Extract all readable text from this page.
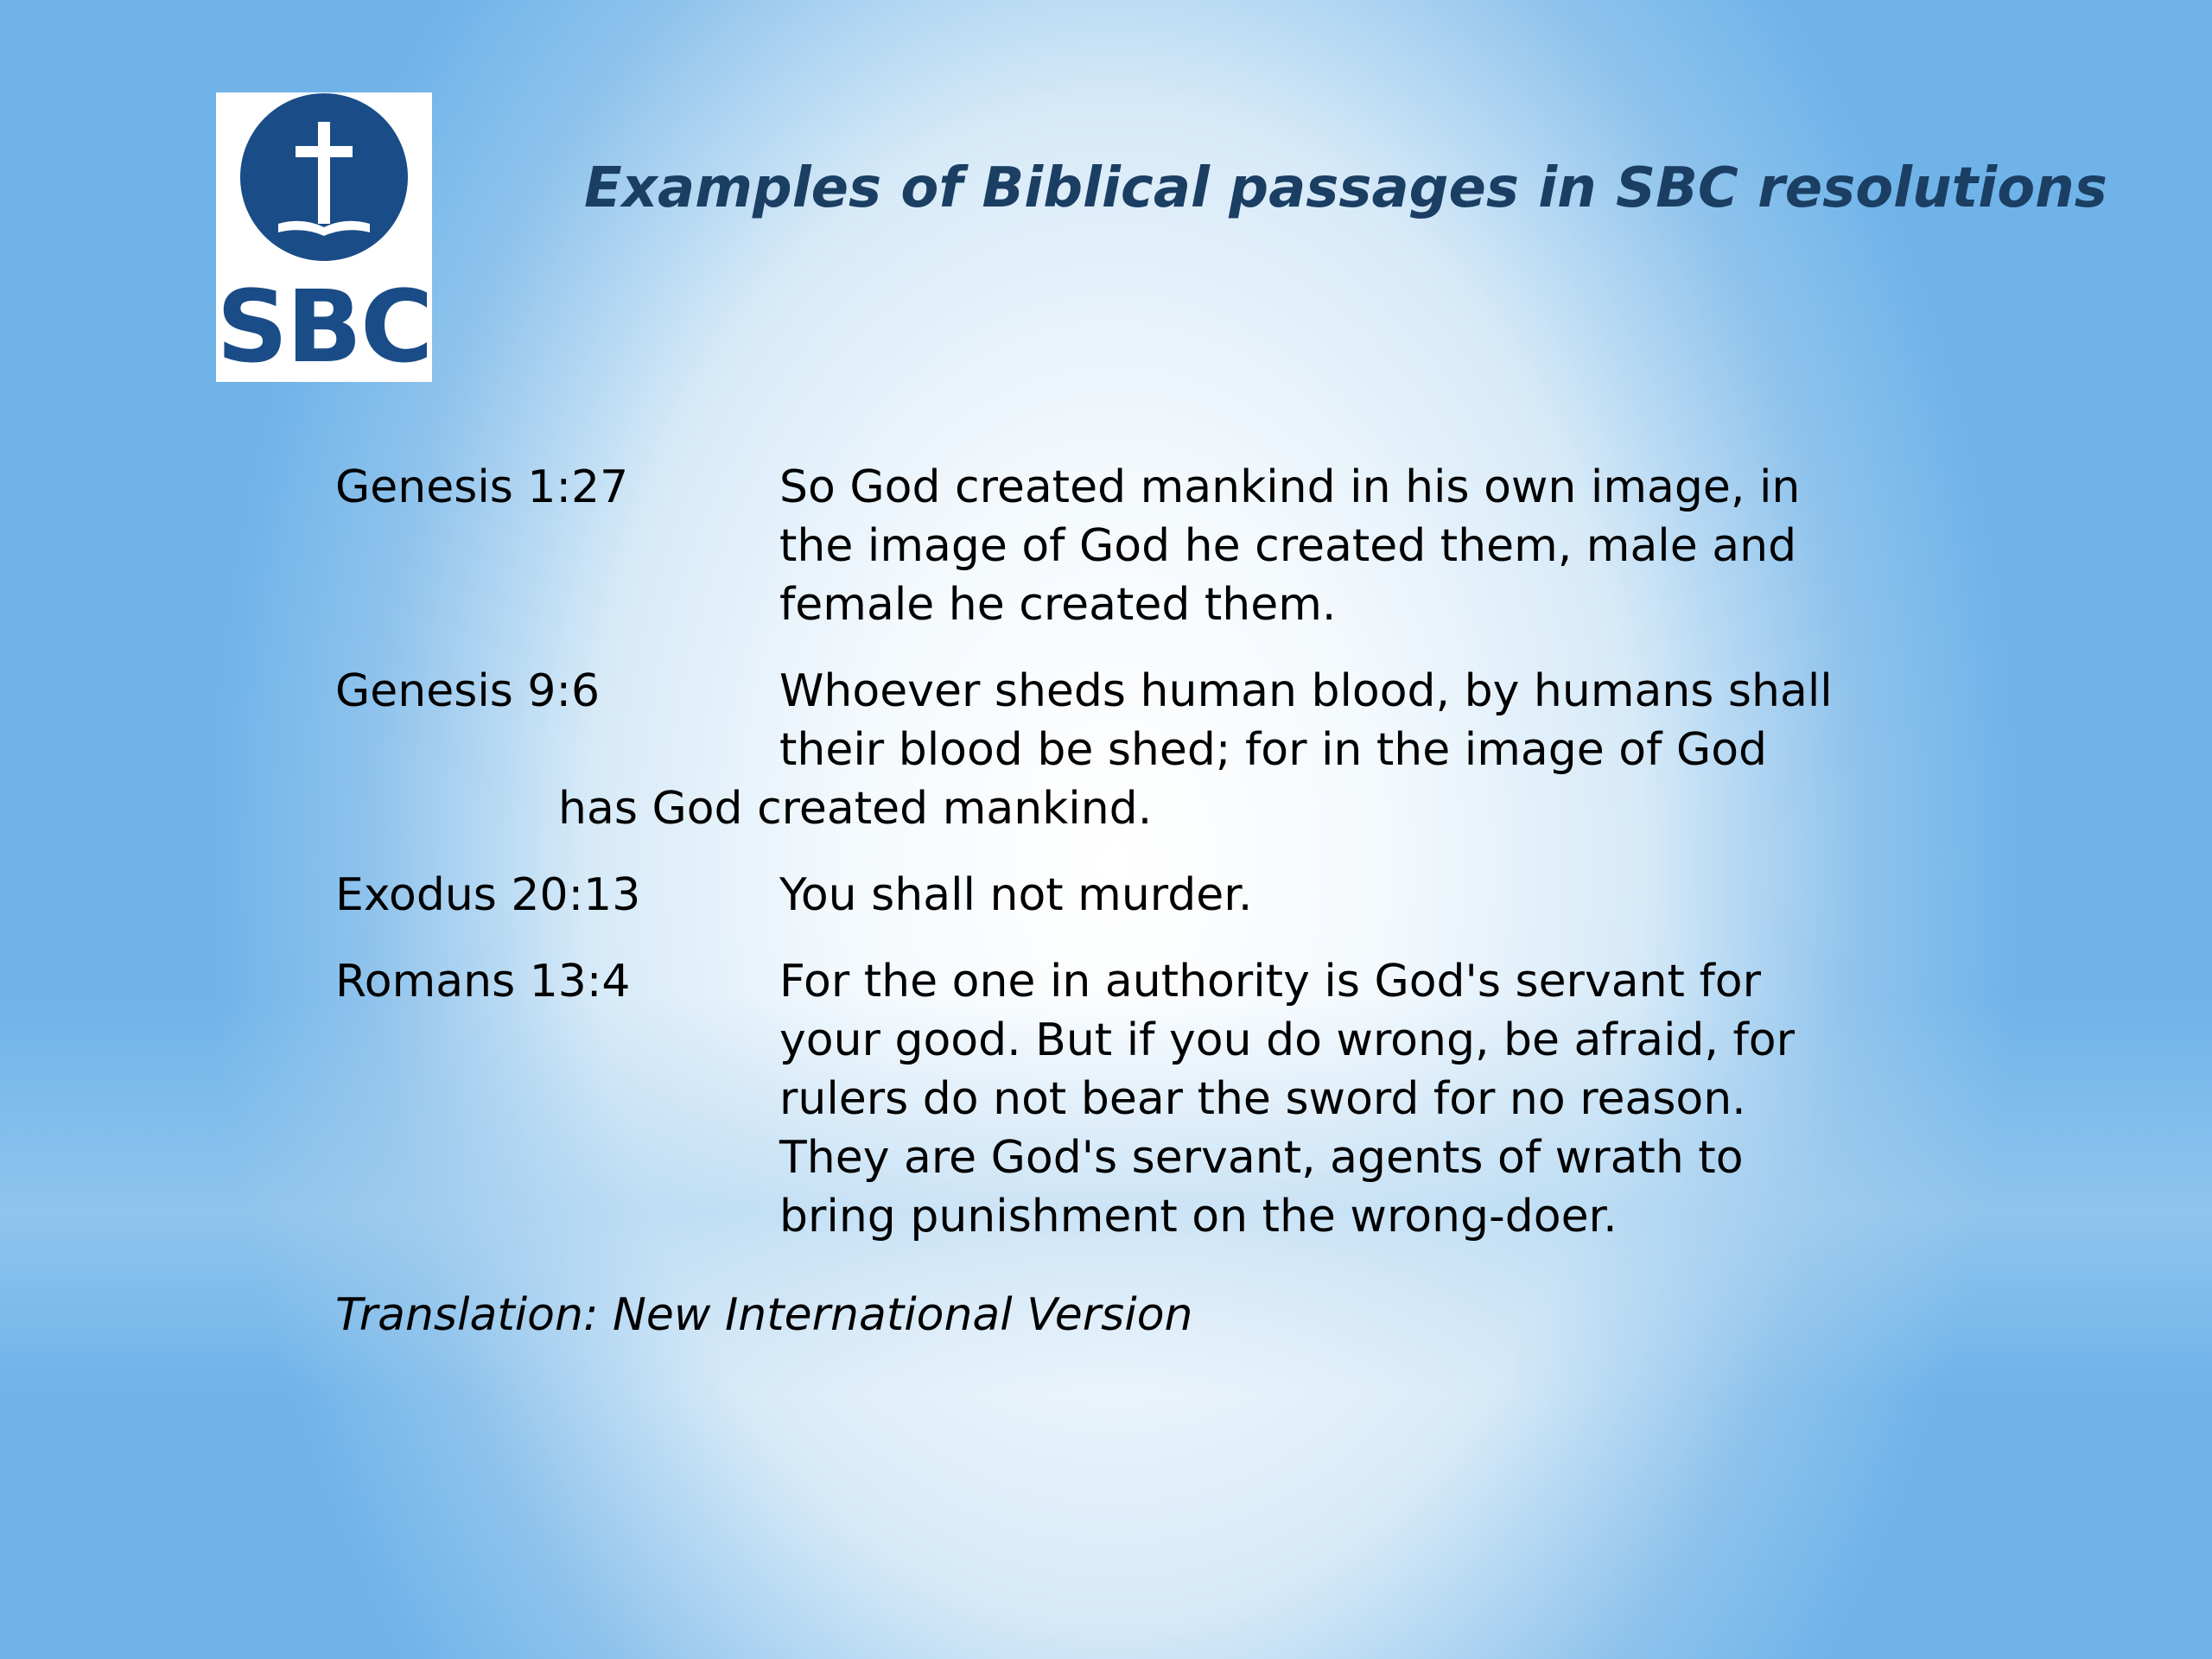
SBC
Examples of Biblical passages in SBC resolutions
Genesis 1:27	So God created mankind in his own image, in
the image of God he created them, male and
female he created them.
Genesis 9:6	Whoever sheds human blood, by humans shall
their blood be shed; for in the image of God
has God created mankind.
Exodus 20:13	You shall not murder.
Romans 13:4	For the one in authority is God's servant for
your good. But if you do wrong, be afraid, for
rulers do not bear the sword for no reason.
They are God's servant, agents of wrath to
bring punishment on the wrong-doer.
Translation: New International Version
